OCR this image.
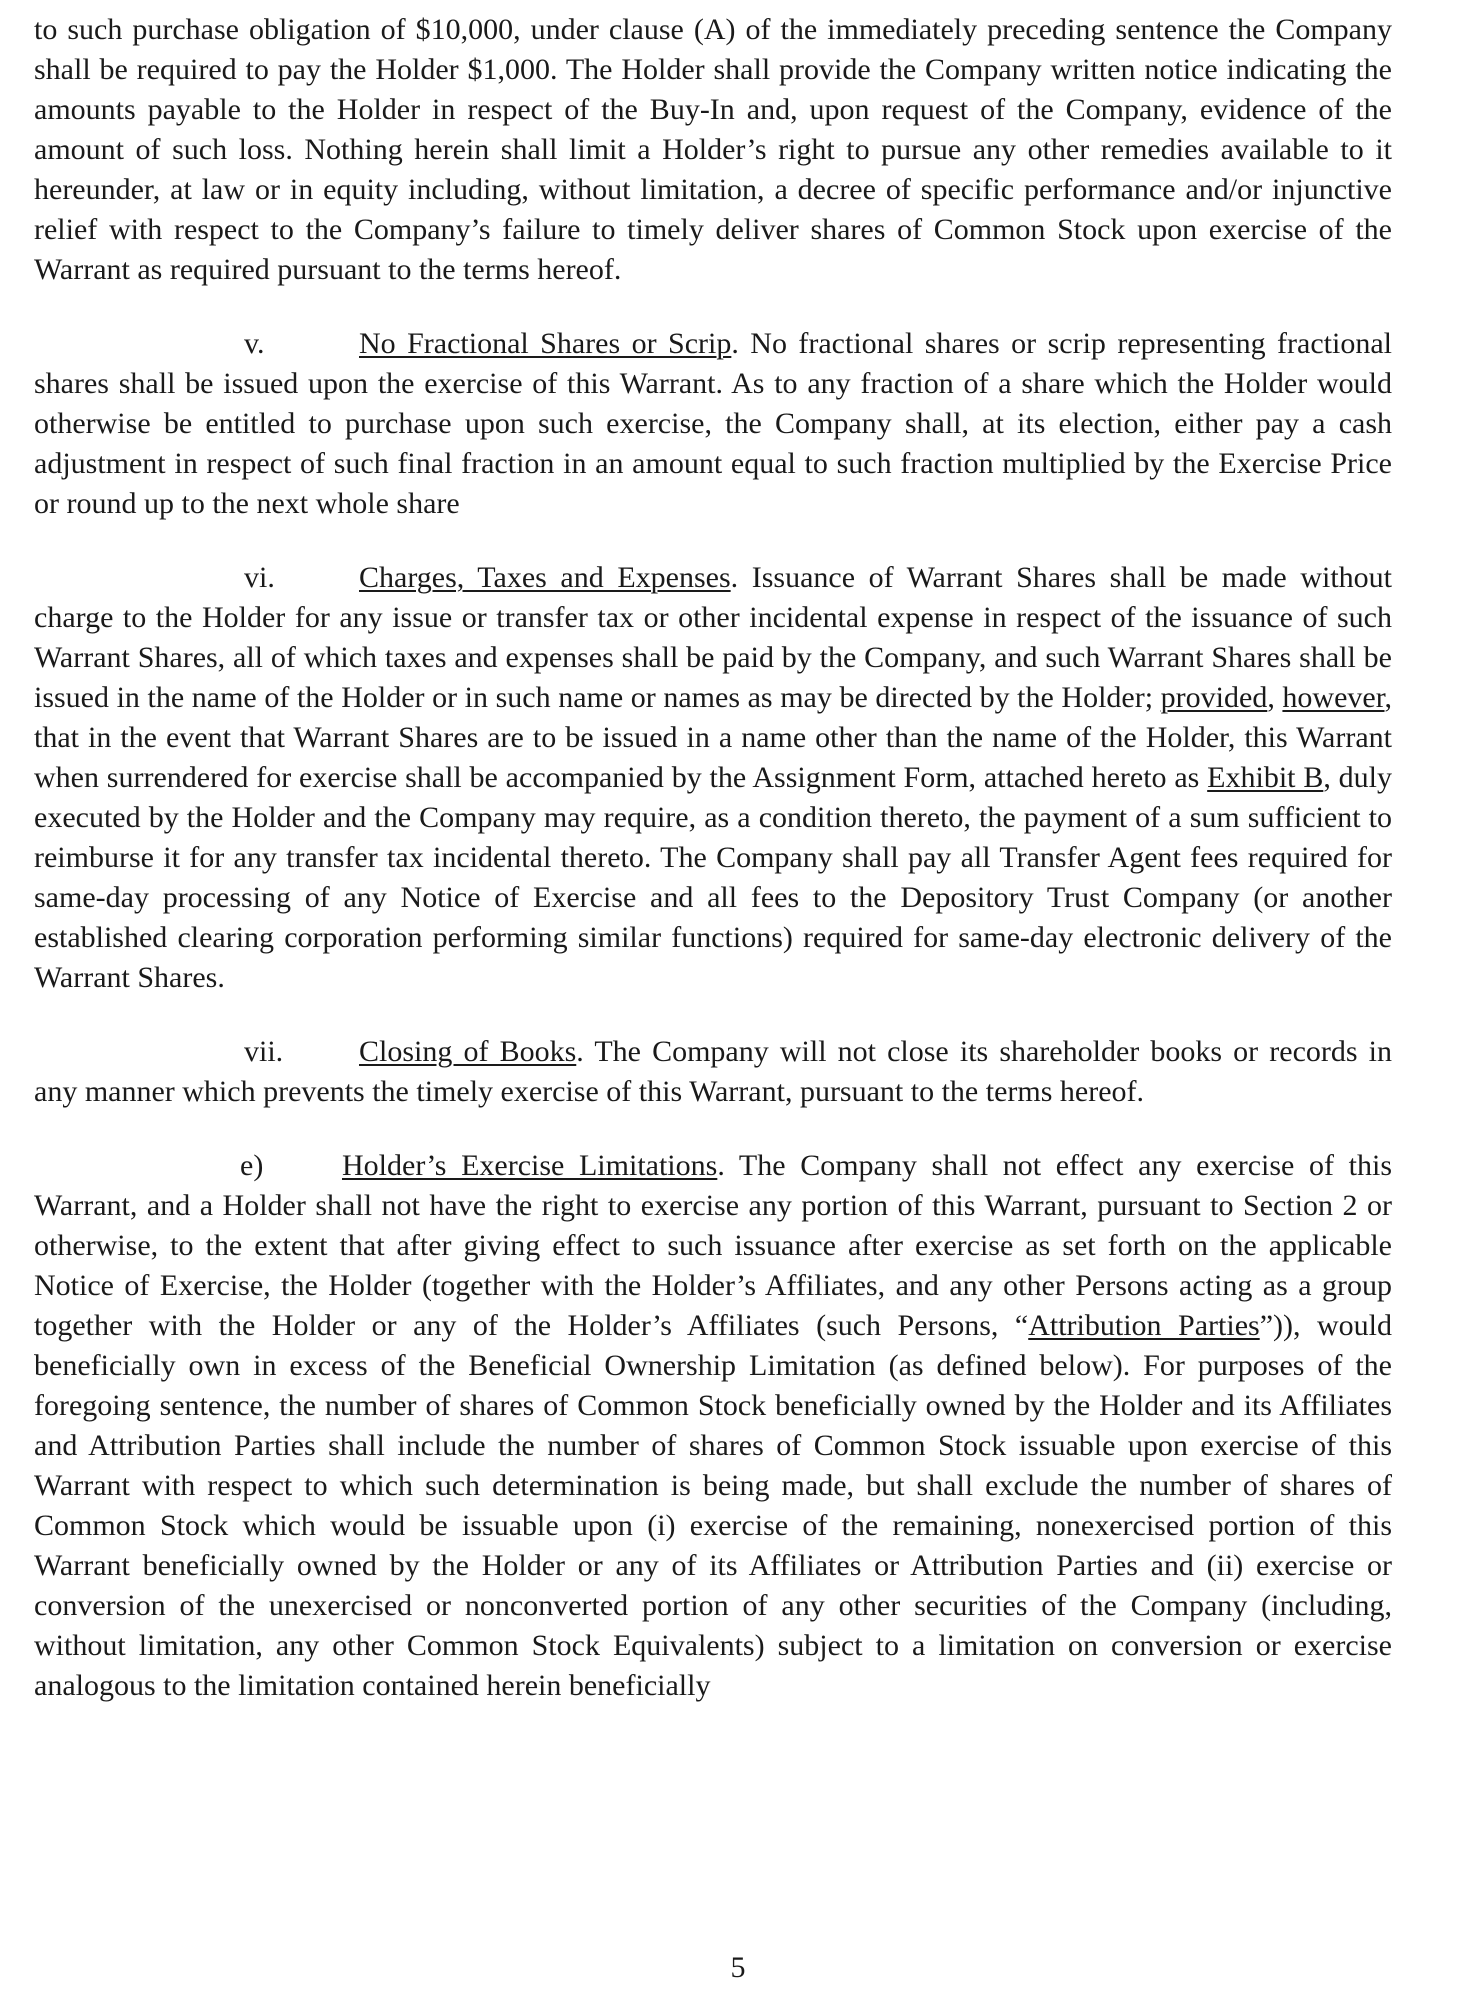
to such purchase obligation of $10,000, under clause (A) of the immediately preceding sentence the Company shall be required to pay the Holder $1,000. The Holder shall provide the Company written notice indicating the amounts payable to the Holder in respect of the Buy-In and, upon request of the Company, evidence of the amount of such loss. Nothing herein shall limit a Holder’s right to pursue any other remedies available to it hereunder, at law or in equity including, without limitation, a decree of specific performance and/or injunctive relief with respect to the Company’s failure to timely deliver shares of Common Stock upon exercise of the Warrant as required pursuant to the terms hereof.

v.	No Fractional Shares or Scrip. No fractional shares or scrip representing fractional shares shall be issued upon the exercise of this Warrant. As to any fraction of a share which the Holder would otherwise be entitled to purchase upon such exercise, the Company shall, at its election, either pay a cash adjustment in respect of such final fraction in an amount equal to such fraction multiplied by the Exercise Price or round up to the next whole share

vi.	Charges, Taxes and Expenses. Issuance of Warrant Shares shall be made without charge to the Holder for any issue or transfer tax or other incidental expense in respect of the issuance of such Warrant Shares, all of which taxes and expenses shall be paid by the Company, and such Warrant Shares shall be issued in the name of the Holder or in such name or names as may be directed by the Holder; provided, however, that in the event that Warrant Shares are to be issued in a name other than the name of the Holder, this Warrant when surrendered for exercise shall be accompanied by the Assignment Form, attached hereto as Exhibit B, duly executed by the Holder and the Company may require, as a condition thereto, the payment of a sum sufficient to reimburse it for any transfer tax incidental thereto. The Company shall pay all Transfer Agent fees required for same-day processing of any Notice of Exercise and all fees to the Depository Trust Company (or another established clearing corporation performing similar functions) required for same-day electronic delivery of the Warrant Shares.

vii.	Closing of Books. The Company will not close its shareholder books or records in any manner which prevents the timely exercise of this Warrant, pursuant to the terms hereof.

e)	Holder’s Exercise Limitations. The Company shall not effect any exercise of this Warrant, and a Holder shall not have the right to exercise any portion of this Warrant, pursuant to Section 2 or otherwise, to the extent that after giving effect to such issuance after exercise as set forth on the applicable Notice of Exercise, the Holder (together with the Holder’s Affiliates, and any other Persons acting as a group together with the Holder or any of the Holder’s Affiliates (such Persons, “Attribution Parties”)), would beneficially own in excess of the Beneficial Ownership Limitation (as defined below). For purposes of the foregoing sentence, the number of shares of Common Stock beneficially owned by the Holder and its Affiliates and Attribution Parties shall include the number of shares of Common Stock issuable upon exercise of this Warrant with respect to which such determination is being made, but shall exclude the number of shares of Common Stock which would be issuable upon (i) exercise of the remaining, nonexercised portion of this Warrant beneficially owned by the Holder or any of its Affiliates or Attribution Parties and (ii) exercise or conversion of the unexercised or nonconverted portion of any other securities of the Company (including, without limitation, any other Common Stock Equivalents) subject to a limitation on conversion or exercise analogous to the limitation contained herein beneficially

5
